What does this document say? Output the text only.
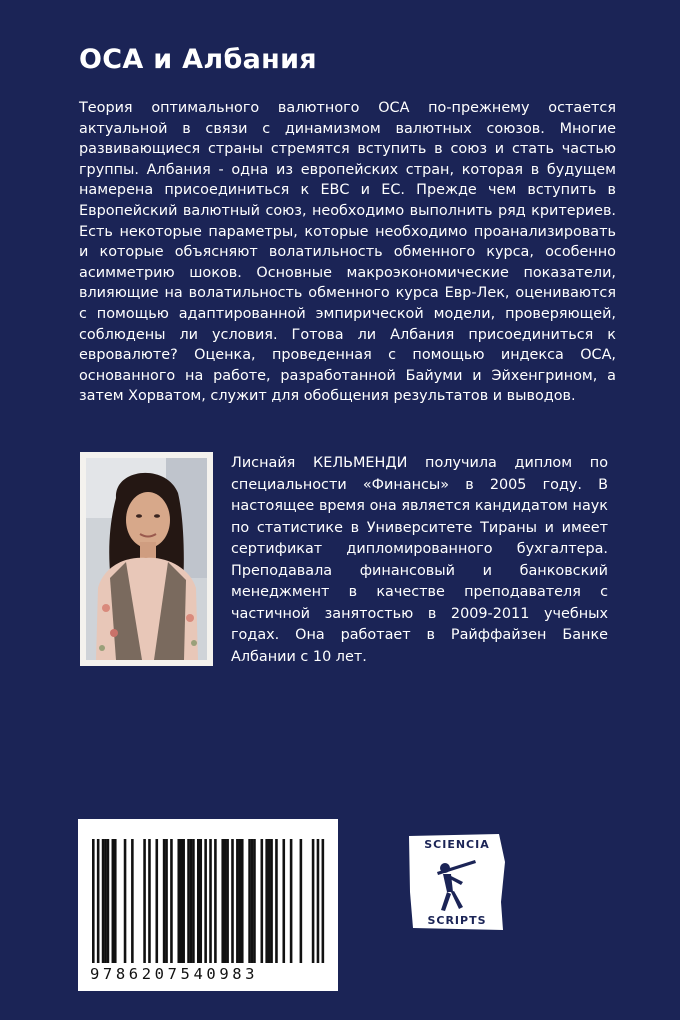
ОСА и Албания
Теория оптимального валютного ОСА по-прежнему остается актуальной в связи с динамизмом валютных союзов. Многие развивающиеся страны стремятся вступить в союз и стать частью группы. Албания - одна из европейских стран, которая в будущем намерена присоединиться к ЕВС и ЕС. Прежде чем вступить в Европейский валютный союз, необходимо выполнить ряд критериев. Есть некоторые параметры, которые необходимо проанализировать и которые объясняют волатильность обменного курса, особенно асимметрию шоков. Основные макроэкономические показатели, влияющие на волатильность обменного курса Евр-Лек, оцениваются с помощью адаптированной эмпирической модели, проверяющей, соблюдены ли условия. Готова ли Албания присоединиться к евровалюте? Оценка, проведенная с помощью индекса ОСА, основанного на работе, разработанной Байуми и Эйхенгрином, а затем Хорватом, служит для обобщения результатов и выводов.
Лиснайя КЕЛЬМЕНДИ получила диплом по специальности «Финансы» в 2005 году. В настоящее время она является кандидатом наук по статистике в Университете Тираны и имеет сертификат дипломированного бухгалтера. Преподавала финансовый и банковский менеджмент в качестве преподавателя с частичной занятостью в 2009-2011 учебных годах. Она работает в Райффайзен Банке Албании с 10 лет.
9786207540983
SCIENCIA
SCRIPTS
